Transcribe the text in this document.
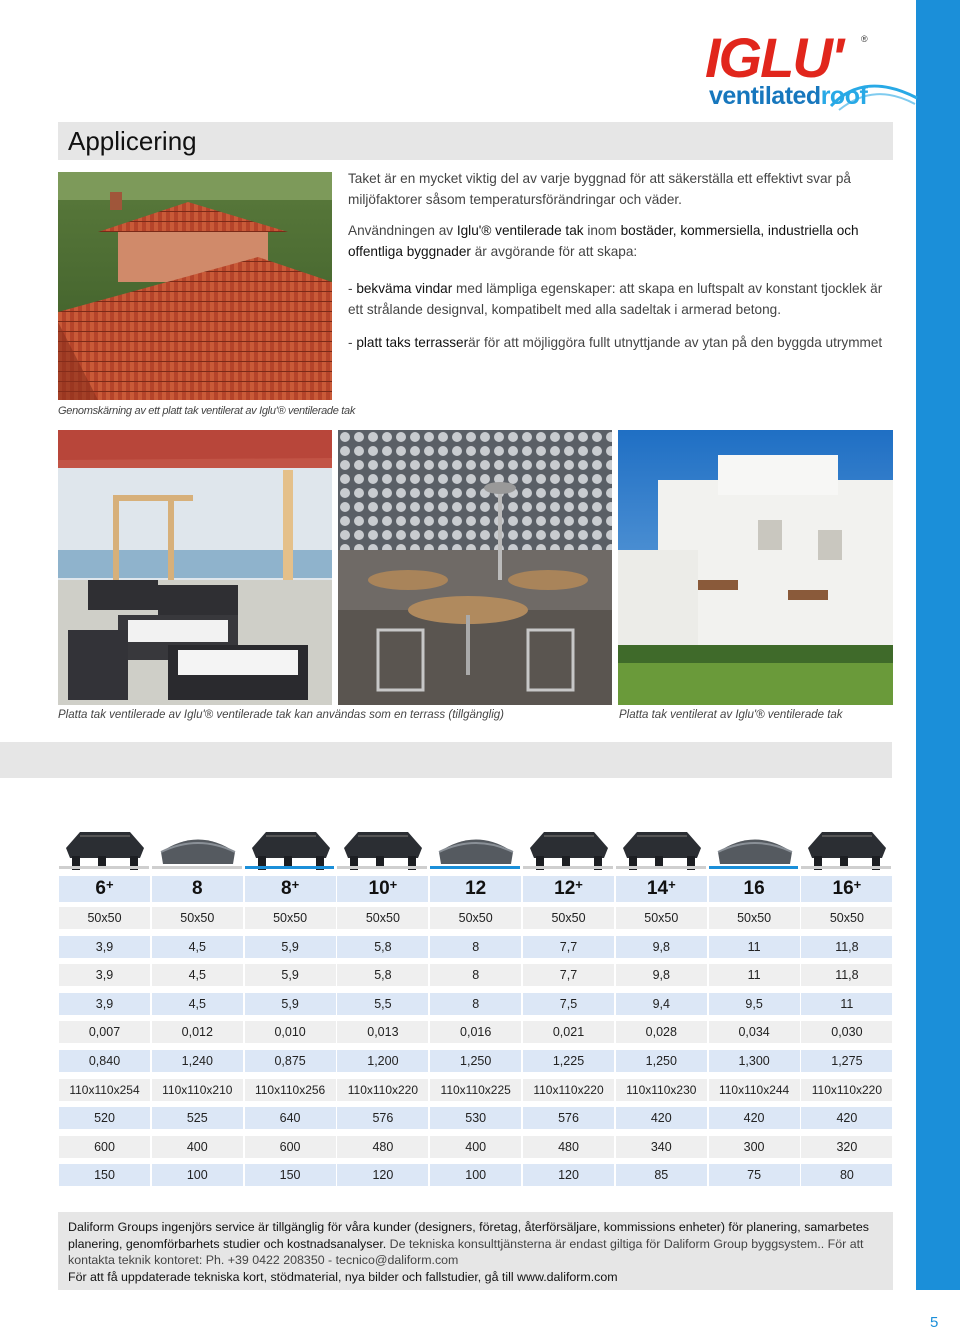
IGLU' ®
ventilatedroof
Applicering

Taket är en mycket viktig del av varje byggnad för att säkerställa ett effektivt svar på miljöfaktorer såsom temperatursförändringar och väder.

Användningen av Iglu'® ventilerade tak inom bostäder, kommersiella, industriella och offentliga byggnader är avgörande för att skapa:

- bekväma vindar med lämpliga egenskaper: att skapa en luftspalt av konstant tjocklek är ett strålande designval, kompatibelt med alla sadeltak i armerad betong.

- platt taks terrasserär för att möjliggöra fullt utnyttjande av ytan på den byggda utrymmet

Genomskärning av ett platt tak ventilerat av Iglu'® ventilerade tak
Platta tak ventilerade av Iglu'® ventilerade tak kan användas som en terrass (tillgänglig)	Platta tak ventilerat av Iglu'® ventilerade tak
Daliform Groups ingenjörs service är tillgänglig för våra kunder (designers, företag, återförsäljare, kommissions enheter) för planering, samarbetes planering, genomförbarhets studier och kostnadsanalyser. De tekniska konsulttjänsterna är endast giltiga för Daliform Group byggsystem.. För att kontakta teknik kontoret: Ph. +39 0422 208350 - tecnico@daliform.com
För att få uppdaterade tekniska kort, stödmaterial, nya bilder och fallstudier, gå till www.daliform.com
5
6+	8	8+	10+	12	12+	14+	16	16+
50x50	50x50	50x50	50x50	50x50	50x50	50x50	50x50	50x50
3,9	4,5	5,9	5,8	8	7,7	9,8	11	11,8
3,9	4,5	5,9	5,8	8	7,7	9,8	11	11,8
3,9	4,5	5,9	5,5	8	7,5	9,4	9,5	11
0,007	0,012	0,010	0,013	0,016	0,021	0,028	0,034	0,030
0,840	1,240	0,875	1,200	1,250	1,225	1,250	1,300	1,275
110x110x254	110x110x210	110x110x256	110x110x220	110x110x225	110x110x220	110x110x230	110x110x244	110x110x220
520	525	640	576	530	576	420	420	420
600	400	600	480	400	480	340	300	320
150	100	150	120	100	120	85	75	80
